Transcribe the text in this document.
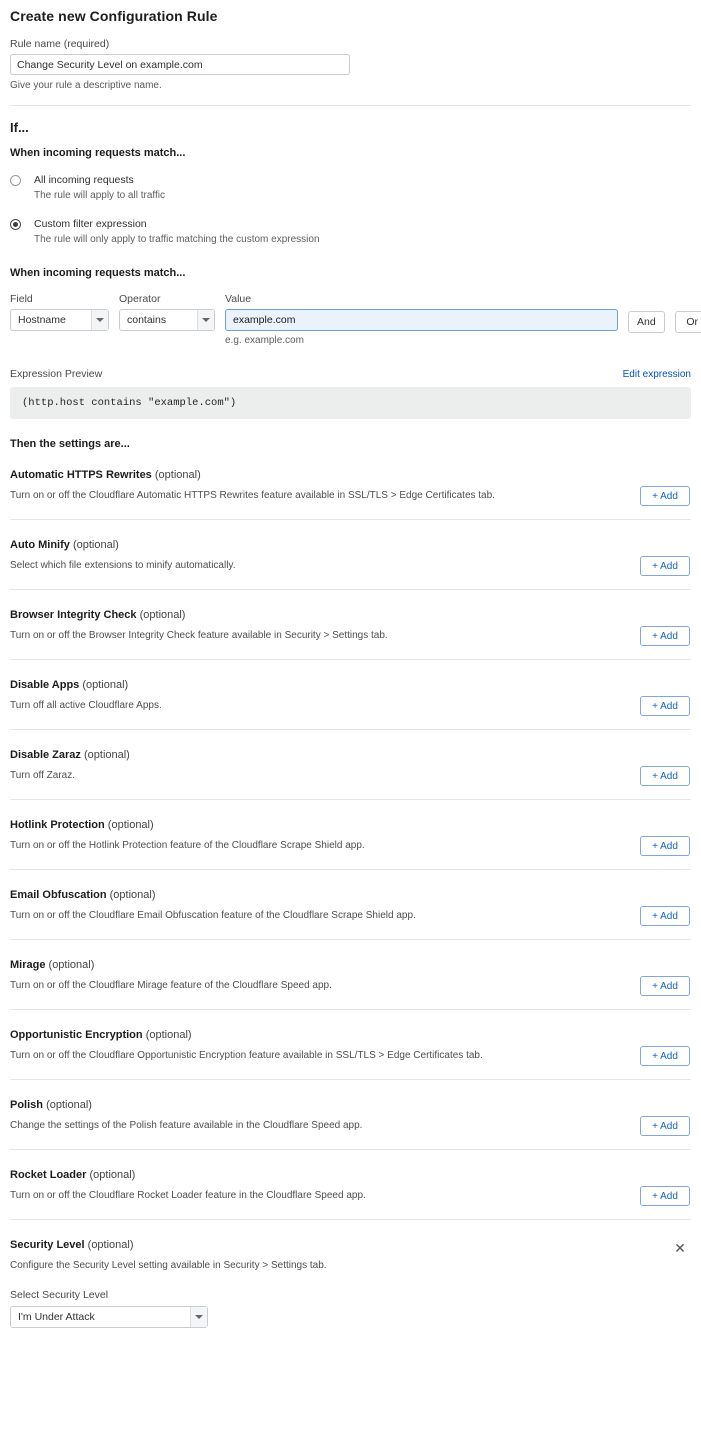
Create new Configuration Rule
Rule name (required)
Change Security Level on example.com
Give your rule a descriptive name.
If...
When incoming requests match...
All incoming requests
The rule will apply to all traffic
Custom filter expression
The rule will only apply to traffic matching the custom expression
When incoming requests match...
Field
Hostname
Operator
contains
Value
example.com
e.g. example.com
And	Or
Expression Preview	Edit expression
(http.host contains "example.com")
Then the settings are...
Automatic HTTPS Rewrites (optional)
Turn on or off the Cloudflare Automatic HTTPS Rewrites feature available in SSL/TLS > Edge Certificates tab.	+ Add
Auto Minify (optional)
Select which file extensions to minify automatically.	+ Add
Browser Integrity Check (optional)
Turn on or off the Browser Integrity Check feature available in Security > Settings tab.	+ Add
Disable Apps (optional)
Turn off all active Cloudflare Apps.	+ Add
Disable Zaraz (optional)
Turn off Zaraz.	+ Add
Hotlink Protection (optional)
Turn on or off the Hotlink Protection feature of the Cloudflare Scrape Shield app.	+ Add
Email Obfuscation (optional)
Turn on or off the Cloudflare Email Obfuscation feature of the Cloudflare Scrape Shield app.	+ Add
Mirage (optional)
Turn on or off the Cloudflare Mirage feature of the Cloudflare Speed app.	+ Add
Opportunistic Encryption (optional)
Turn on or off the Cloudflare Opportunistic Encryption feature available in SSL/TLS > Edge Certificates tab.	+ Add
Polish (optional)
Change the settings of the Polish feature available in the Cloudflare Speed app.	+ Add
Rocket Loader (optional)
Turn on or off the Cloudflare Rocket Loader feature in the Cloudflare Speed app.	+ Add
✕
Security Level (optional)
Configure the Security Level setting available in Security > Settings tab.
Select Security Level
I'm Under Attack
